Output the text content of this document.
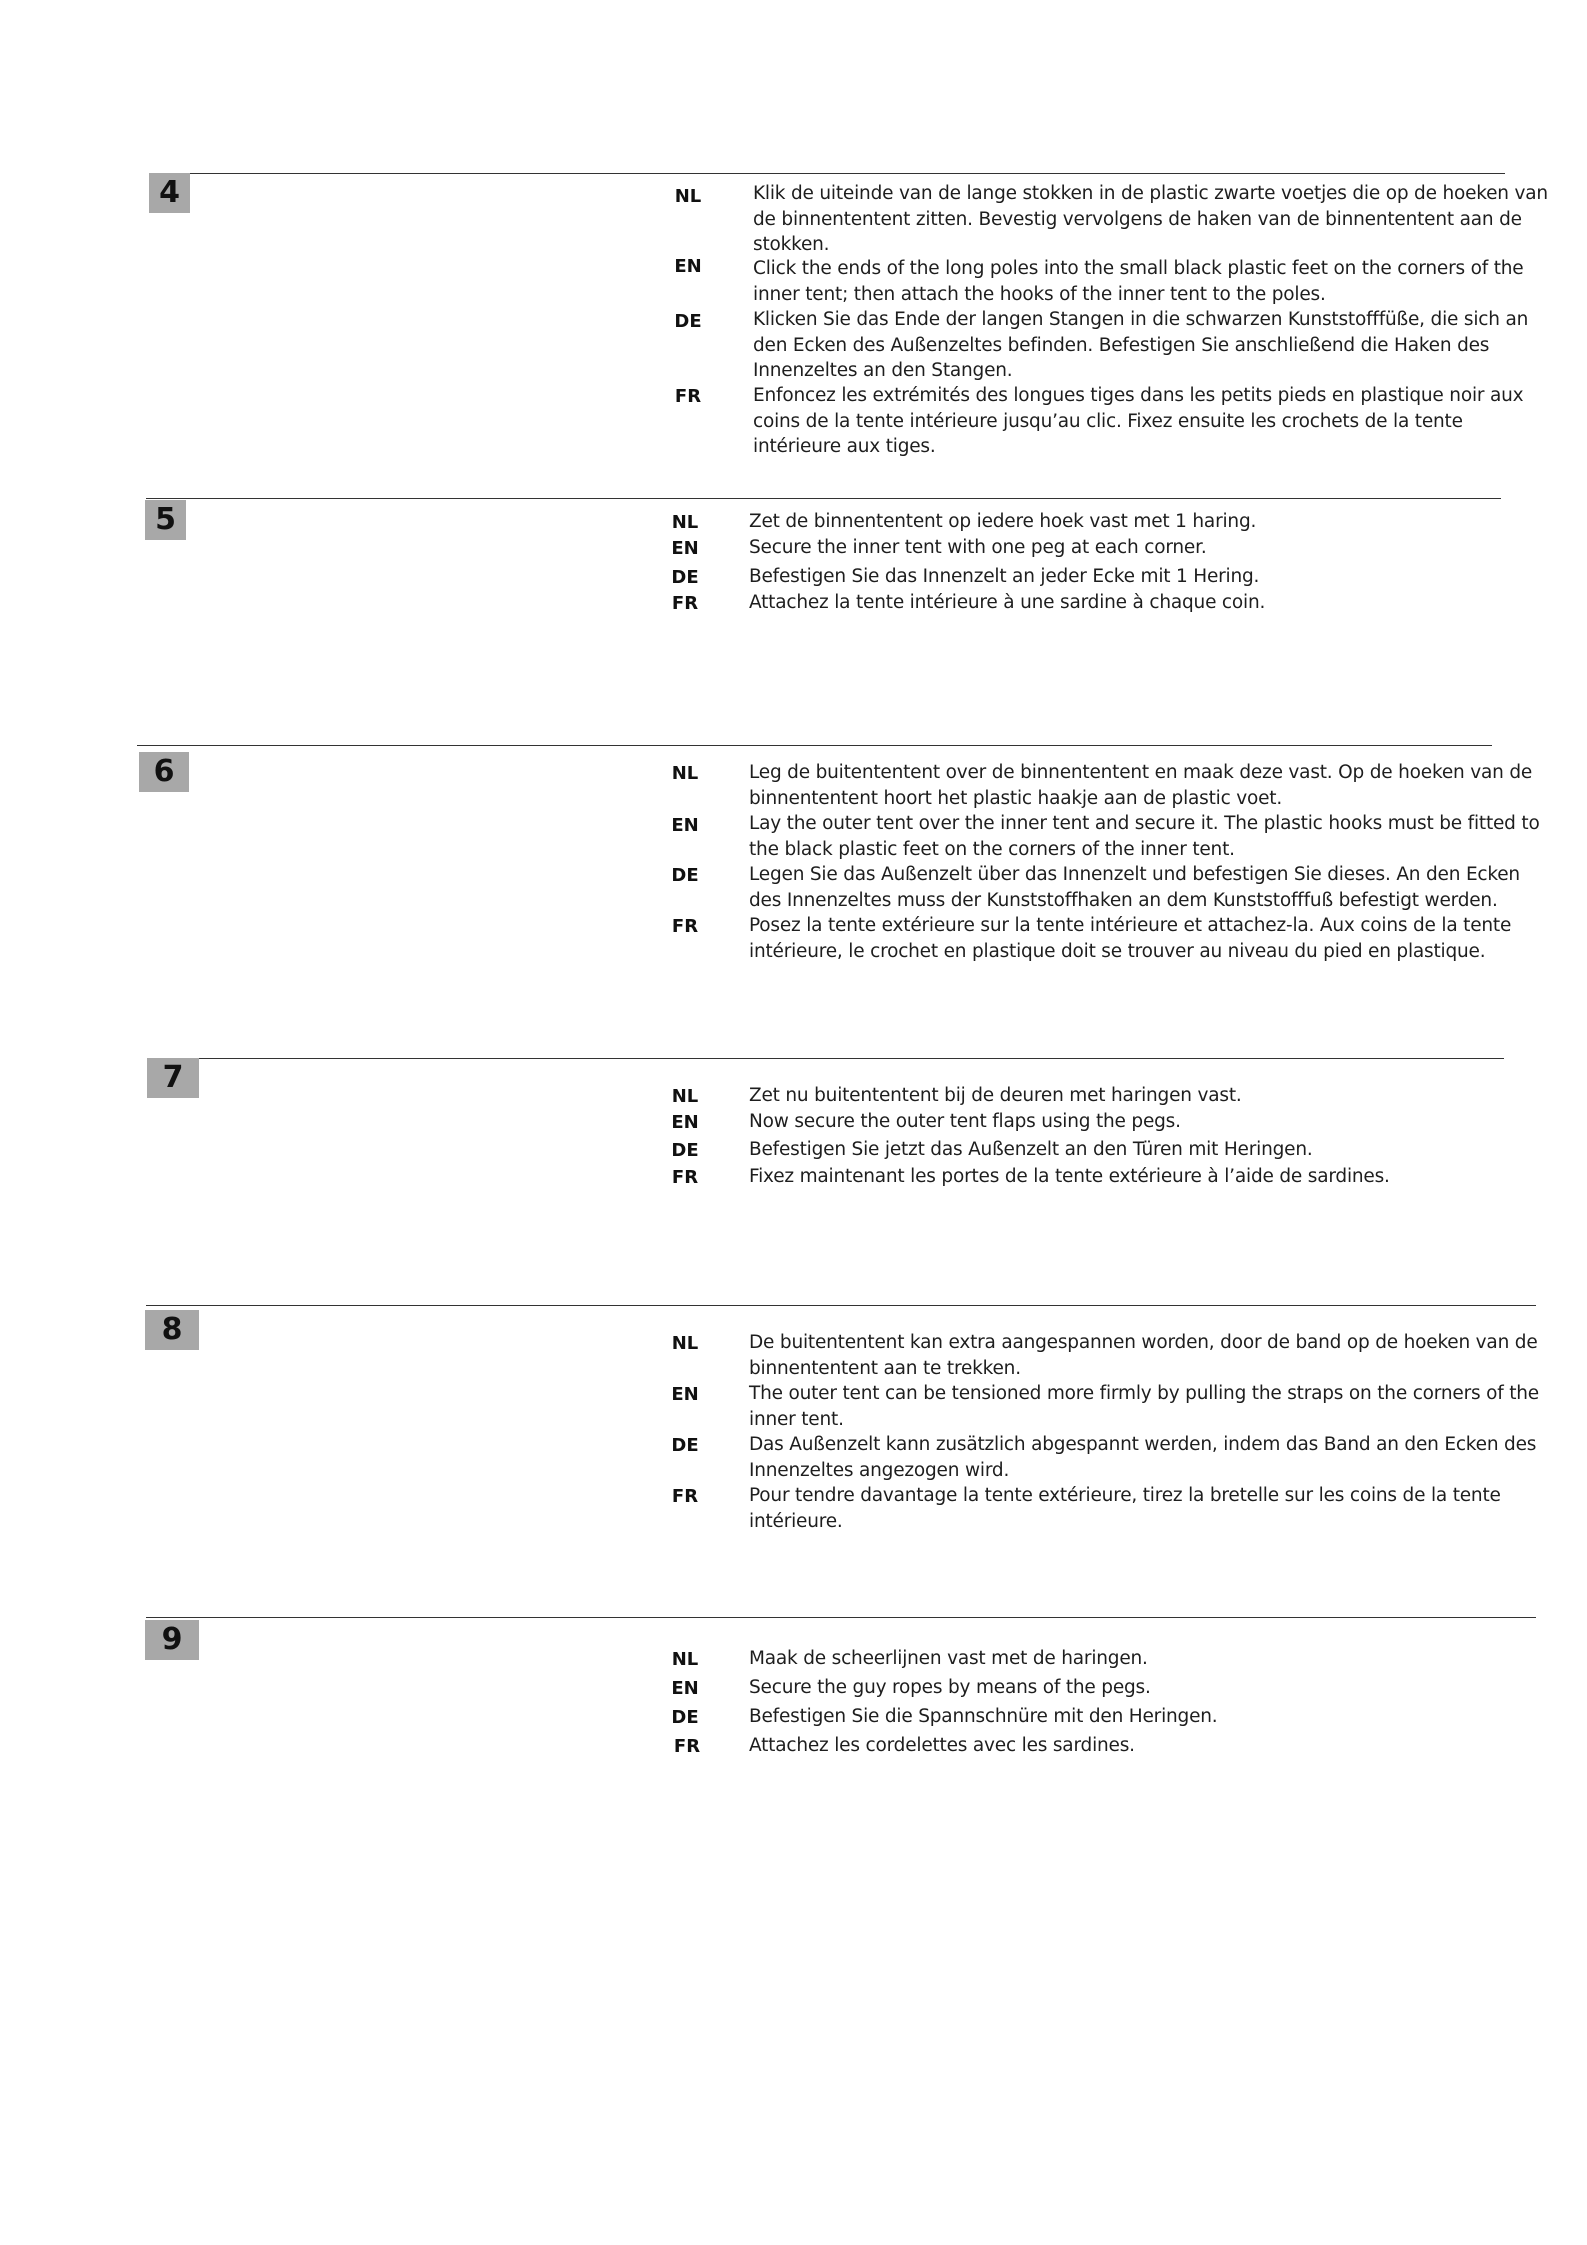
4	NL	Klik de uiteinde van de lange stokken in de plastic zwarte voetjes die op de hoeken van de binnententent zitten. Bevestig vervolgens de haken van de binnententent aan de stokken.
EN	Click the ends of the long poles into the small black plastic feet on the corners of the inner tent; then attach the hooks of the inner tent to the poles.
DE	Klicken Sie das Ende der langen Stangen in die schwarzen Kunststofffüße, die sich an den Ecken des Außenzeltes befinden. Befestigen Sie anschließend die Haken des Innenzeltes an den Stangen.
FR	Enfoncez les extrémités des longues tiges dans les petits pieds en plastique noir aux coins de la tente intérieure jusqu’au clic. Fixez ensuite les crochets de la tente intérieure aux tiges.
5	NL	Zet de binnententent op iedere hoek vast met 1 haring.
EN	Secure the inner tent with one peg at each corner.
DE	Befestigen Sie das Innenzelt an jeder Ecke mit 1 Hering.
FR	Attachez la tente intérieure à une sardine à chaque coin.
6	NL	Leg de buitententent over de binnententent en maak deze vast. Op de hoeken van de binnententent hoort het plastic haakje aan de plastic voet.
EN	Lay the outer tent over the inner tent and secure it. The plastic hooks must be fitted to the black plastic feet on the corners of the inner tent.
DE	Legen Sie das Außenzelt über das Innenzelt und befestigen Sie dieses. An den Ecken des Innenzeltes muss der Kunststoffhaken an dem Kunststofffuß befestigt werden.
FR	Posez la tente extérieure sur la tente intérieure et attachez-la. Aux coins de la tente intérieure, le crochet en plastique doit se trouver au niveau du pied en plastique.
7
NL	Zet nu buitententent bij de deuren met haringen vast.
EN	Now secure the outer tent flaps using the pegs.
DE	Befestigen Sie jetzt das Außenzelt an den Türen mit Heringen.
FR	Fixez maintenant les portes de la tente extérieure à l’aide de sardines.
8	NL	De buitententent kan extra aangespannen worden, door de band op de hoeken van de binnententent aan te trekken.
EN	The outer tent can be tensioned more firmly by pulling the straps on the corners of the inner tent.
DE	Das Außenzelt kann zusätzlich abgespannt werden, indem das Band an den Ecken des Innenzeltes angezogen wird.
FR	Pour tendre davantage la tente extérieure, tirez la bretelle sur les coins de la tente intérieure.
9
NL	Maak de scheerlijnen vast met de haringen.
EN	Secure the guy ropes by means of the pegs.
DE	Befestigen Sie die Spannschnüre mit den Heringen.
FR	Attachez les cordelettes avec les sardines.
